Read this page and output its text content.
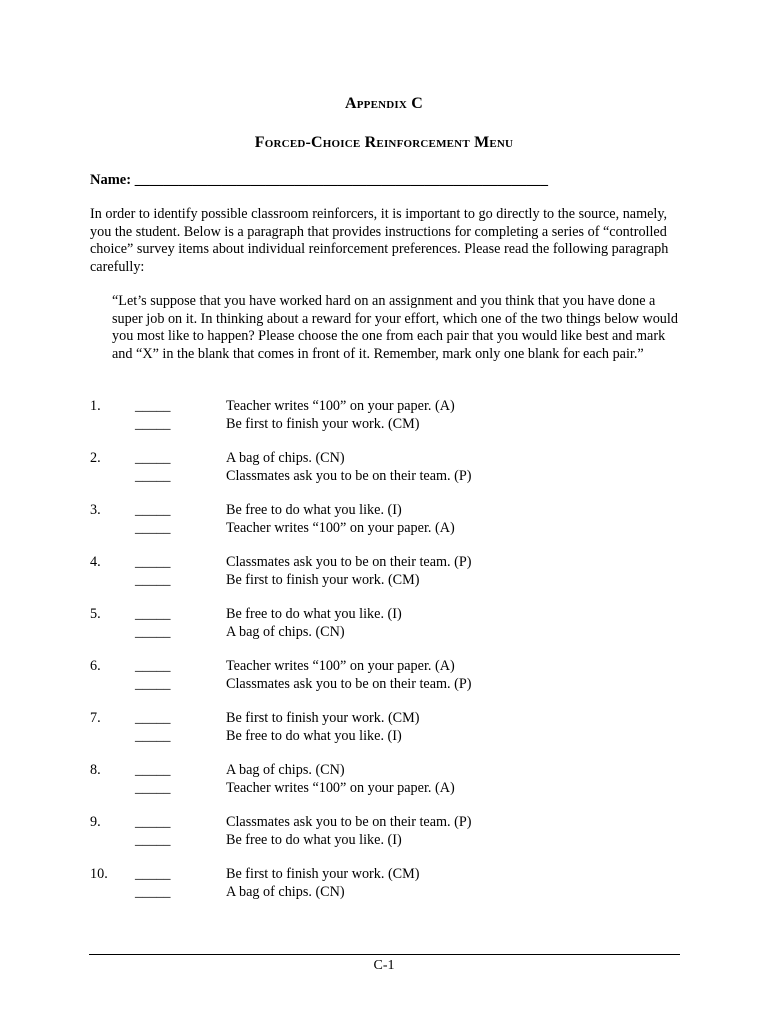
Appendix C
Forced-Choice Reinforcement Menu
Name: _________________________________________________________
In order to identify possible classroom reinforcers, it is important to go directly to the source, namely, you the student. Below is a paragraph that provides instructions for completing a series of “controlled choice” survey items about individual reinforcement preferences. Please read the following paragraph carefully:
“Let’s suppose that you have worked hard on an assignment and you think that you have done a super job on it. In thinking about a reward for your effort, which one of the two things below would you most like to happen? Please choose the one from each pair that you would like best and mark and “X” in the blank that comes in front of it. Remember, mark only one blank for each pair.”
1. _____	Teacher writes “100” on your paper. (A)
_____	Be first to finish your work. (CM)
2. _____	A bag of chips. (CN)
_____	Classmates ask you to be on their team. (P)
3. _____	Be free to do what you like. (I)
_____	Teacher writes “100” on your paper. (A)
4. _____	Classmates ask you to be on their team. (P)
_____	Be first to finish your work. (CM)
5. _____	Be free to do what you like. (I)
_____	A bag of chips. (CN)
6. _____	Teacher writes “100” on your paper. (A)
_____	Classmates ask you to be on their team. (P)
7. _____	Be first to finish your work. (CM)
_____	Be free to do what you like. (I)
8. _____	A bag of chips. (CN)
_____	Teacher writes “100” on your paper. (A)
9. _____	Classmates ask you to be on their team. (P)
_____	Be free to do what you like. (I)
10. _____	Be first to finish your work. (CM)
_____	A bag of chips. (CN)
C-1
